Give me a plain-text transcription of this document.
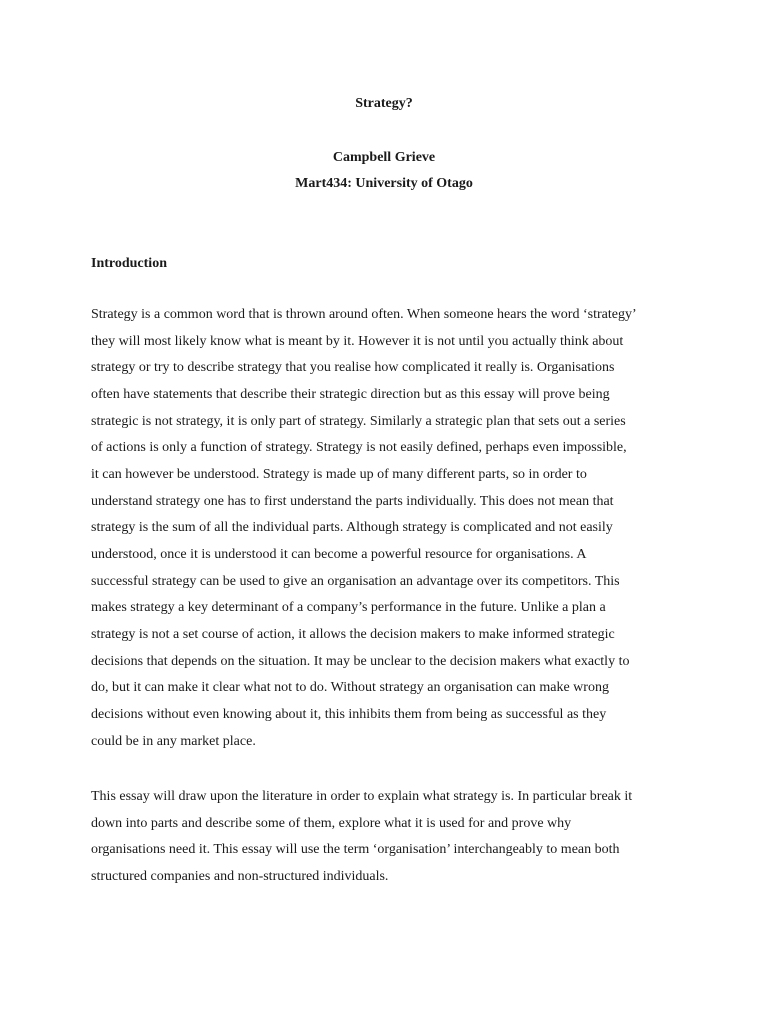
Strategy?
Campbell Grieve
Mart434: University of Otago
Introduction
Strategy is a common word that is thrown around often. When someone hears the word ‘strategy’
they will most likely know what is meant by it. However it is not until you actually think about
strategy or try to describe strategy that you realise how complicated it really is. Organisations
often have statements that describe their strategic direction but as this essay will prove being
strategic is not strategy, it is only part of strategy. Similarly a strategic plan that sets out a series
of actions is only a function of strategy. Strategy is not easily defined, perhaps even impossible,
it can however be understood. Strategy is made up of many different parts, so in order to
understand strategy one has to first understand the parts individually. This does not mean that
strategy is the sum of all the individual parts. Although strategy is complicated and not easily
understood, once it is understood it can become a powerful resource for organisations. A
successful strategy can be used to give an organisation an advantage over its competitors. This
makes strategy a key determinant of a company’s performance in the future. Unlike a plan a
strategy is not a set course of action, it allows the decision makers to make informed strategic
decisions that depends on the situation. It may be unclear to the decision makers what exactly to
do, but it can make it clear what not to do. Without strategy an organisation can make wrong
decisions without even knowing about it, this inhibits them from being as successful as they
could be in any market place.
This essay will draw upon the literature in order to explain what strategy is. In particular break it
down into parts and describe some of them, explore what it is used for and prove why
organisations need it. This essay will use the term ‘organisation’ interchangeably to mean both
structured companies and non-structured individuals.
